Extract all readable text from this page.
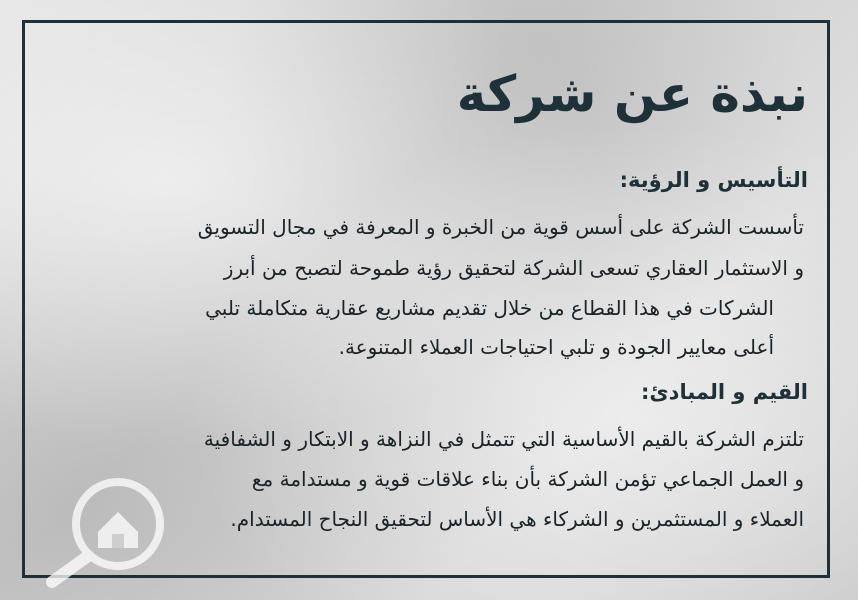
نبذة عن شركة
التأسيس و الرؤية:
تأسست الشركة على أسس قوية من الخبرة و المعرفة في مجال التسويق
و الاستثمار العقاري تسعى الشركة لتحقيق رؤية طموحة لتصبح من أبرز
الشركات في هذا القطاع من خلال تقديم مشاريع عقارية متكاملة تلبي
أعلى معايير الجودة و تلبي احتياجات العملاء المتنوعة.
القيم و المبادئ:
تلتزم الشركة بالقيم الأساسية التي تتمثل في النزاهة و الابتكار و الشفافية
و العمل الجماعي تؤمن الشركة بأن بناء علاقات قوية و مستدامة مع
العملاء و المستثمرين و الشركاء هي الأساس لتحقيق النجاح المستدام.
